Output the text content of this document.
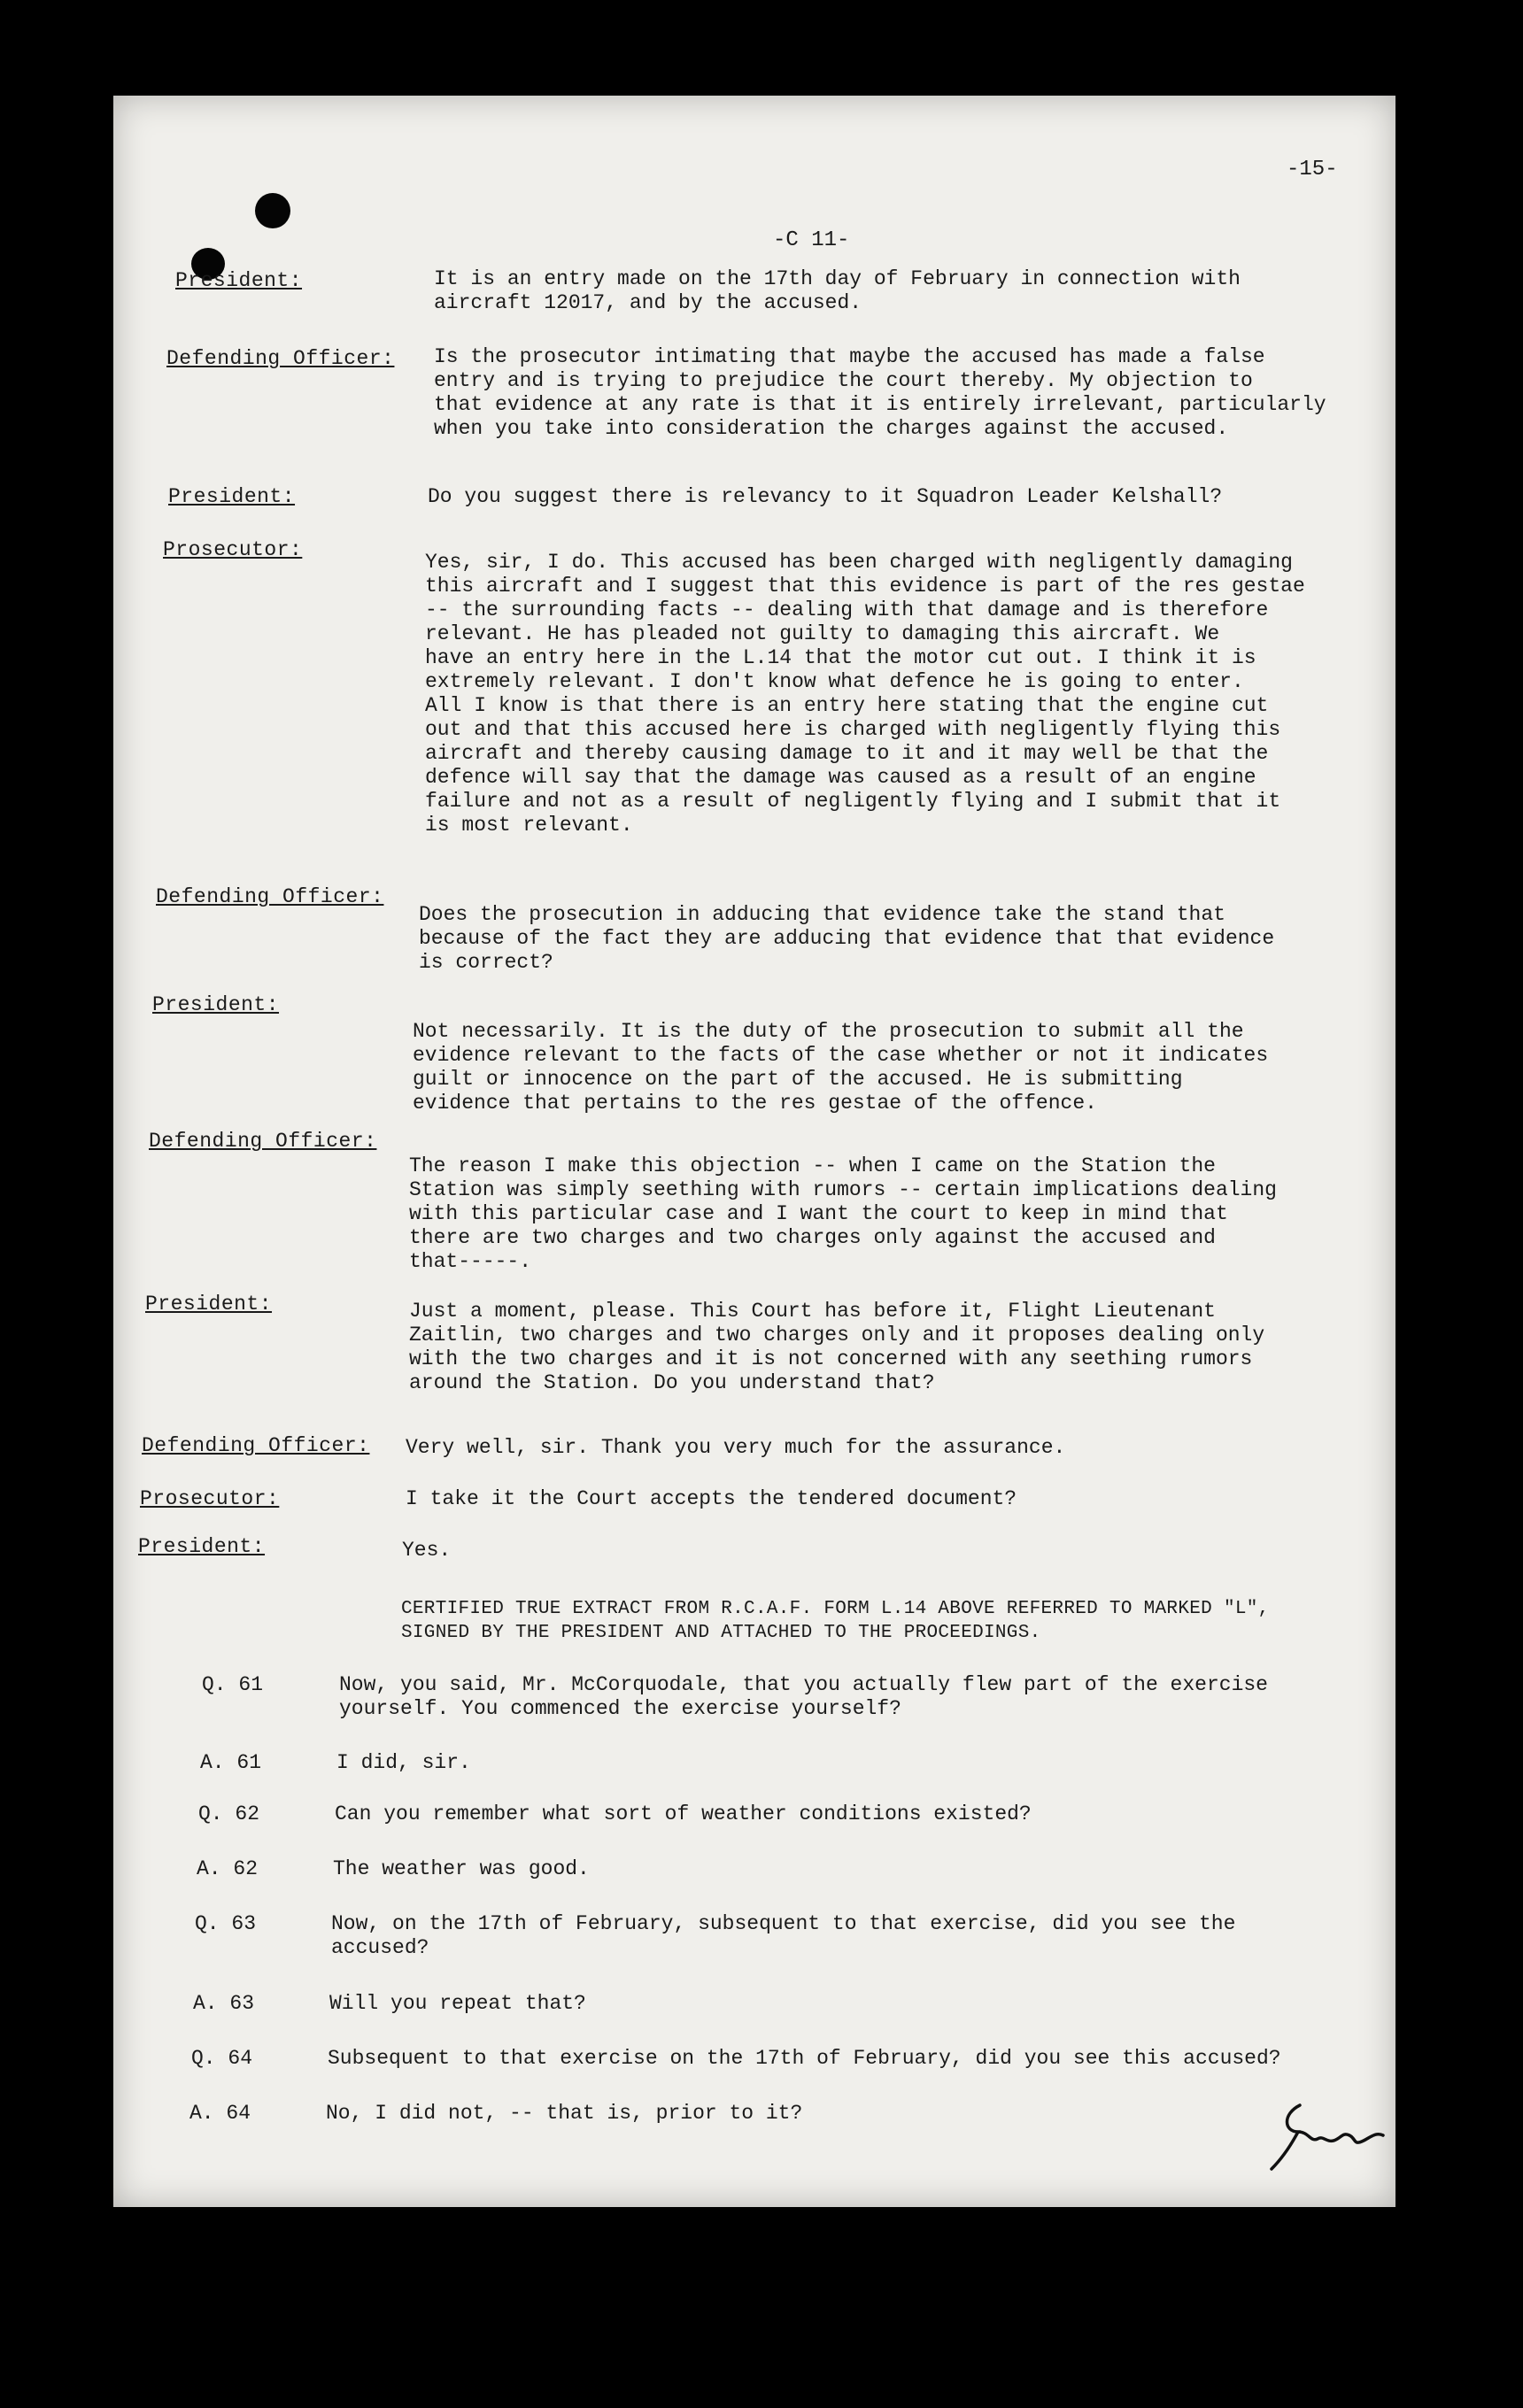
-15-
-C 11-
President:	It is an entry made on the 17th day of February in connection with
aircraft 12017, and by the accused.
Defending Officer: Is the prosecutor intimating that maybe the accused has made a false
entry and is trying to prejudice the court thereby. My objection to
that evidence at any rate is that it is entirely irrelevant, particularly
when you take into consideration the charges against the accused.
President:	Do you suggest there is relevancy to it Squadron Leader Kelshall?
Prosecutor:
Yes, sir, I do. This accused has been charged with negligently damaging
this aircraft and I suggest that this evidence is part of the res gestae
-- the surrounding facts -- dealing with that damage and is therefore
relevant. He has pleaded not guilty to damaging this aircraft. We
have an entry here in the L.14 that the motor cut out. I think it is
extremely relevant. I don't know what defence he is going to enter.
All I know is that there is an entry here stating that the engine cut
out and that this accused here is charged with negligently flying this
aircraft and thereby causing damage to it and it may well be that the
defence will say that the damage was caused as a result of an engine
failure and not as a result of negligently flying and I submit that it
is most relevant.
Defending Officer:
Does the prosecution in adducing that evidence take the stand that
because of the fact they are adducing that evidence that that evidence
is correct?
President:
Not necessarily. It is the duty of the prosecution to submit all the
evidence relevant to the facts of the case whether or not it indicates
guilt or innocence on the part of the accused. He is submitting
evidence that pertains to the res gestae of the offence.
Defending Officer:
The reason I make this objection -- when I came on the Station the
Station was simply seething with rumors -- certain implications dealing
with this particular case and I want the court to keep in mind that
there are two charges and two charges only against the accused and
that-----.
President:	Just a moment, please. This Court has before it, Flight Lieutenant
Zaitlin, two charges and two charges only and it proposes dealing only
with the two charges and it is not concerned with any seething rumors
around the Station. Do you understand that?
Defending Officer: Very well, sir. Thank you very much for the assurance.
Prosecutor:	I take it the Court accepts the tendered document?
President:	Yes.
CERTIFIED TRUE EXTRACT FROM R.C.A.F. FORM L.14 ABOVE REFERRED TO MARKED "L", SIGNED BY THE PRESIDENT AND ATTACHED TO THE PROCEEDINGS.
Q. 61	Now, you said, Mr. McCorquodale, that you actually flew part of the exercise
yourself. You commenced the exercise yourself?
A. 61	I did, sir.
Q. 62	Can you remember what sort of weather conditions existed?
A. 62	The weather was good.
Q. 63	Now, on the 17th of February, subsequent to that exercise, did you see the
accused?
A. 63	Will you repeat that?
Q. 64	Subsequent to that exercise on the 17th of February, did you see this accused?
A. 64	No, I did not, -- that is, prior to it?
